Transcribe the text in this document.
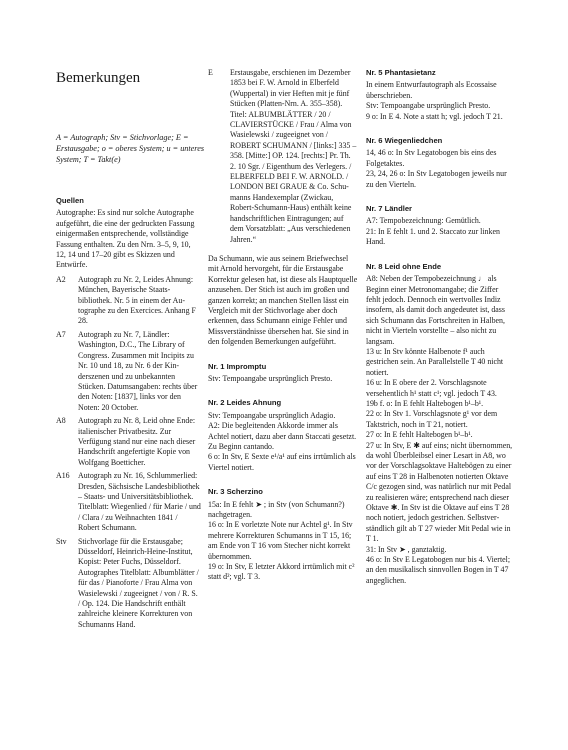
Bemerkungen
A = Autograph; Stv = Stichvorlage; E = Erstausgabe; o = oberes System; u = unteres System; T = Takt(e)
Quellen

Autographe: Es sind nur solche Autographe aufgeführt, die eine der gedruckten Fassung einigermaßen entsprechende, vollständige Fassung enthalten. Zu den Nrn. 3–5, 9, 10, 12, 14 und 17–20 gibt es Skizzen und Entwürfe.

A2	Autograph zu Nr. 2, Leides Ahnung: München, Bayerische Staatsbibliothek. Nr. 5 in einem der Autographe zu den Exercices. Anhang F 28.
A7	Autograph zu Nr. 7, Ländler: Washington, D.C., The Library of Congress. Zusammen mit Incipits zu Nr. 10 und 18, zu Nr. 6 der Kinderszenen und zu unbekannten Stücken. Datumsangaben: rechts über den Noten: [1837], links vor den Noten: 20 October.
A8	Autograph zu Nr. 8, Leid ohne Ende: italienischer Privatbesitz. Zur Verfügung stand nur eine nach dieser Handschrift angefertigte Kopie von Wolfgang Boetticher.
A16	Autograph zu Nr. 16, Schlummerlied: Dresden, Sächsische Landesbibliothek – Staats- und Universitätsbibliothek. Titelblatt: Wiegenlied / für Marie / und / Clara / zu Weihnachten 1841 / Robert Schumann.
Stv	Stichvorlage für die Erstausgabe; Düsseldorf, Heinrich-Heine-Institut, Kopist: Peter Fuchs, Düsseldorf. Autographes Titelblatt: Albumblätter / für das / Pianoforte / Frau Alma von Wasielewski / zugeeignet / von / R. S. / Op. 124. Die Handschrift enthält zahlreiche kleinere Korrekturen von Schumanns Hand.
E	Erstausgabe, erschienen im Dezember 1853 bei F. W. Arnold in Elberfeld (Wuppertal) in vier Heften mit je fünf Stücken (Platten-Nrn. A. 355–358). Titel: ALBUMBLÄTTER / 20 / CLAVIERSTÜCKE / Frau / Alma von Wasielewski / zugeeignet von / ROBERT SCHUMANN / [links:] 335 – 358. [Mitte:] OP. 124. [rechts:] Pr. Th. 2. 10 Sgr. / Eigenthum des Verlegers. / ELBERFELD BEI F. W. ARNOLD. / LONDON BEI GRAUE & Co. Schumanns Handexemplar (Zwickau, Robert-Schumann-Haus) enthält keine handschriftlichen Eintragungen; auf dem Vorsatzblatt: „Aus verschiedenen Jahren.“

Da Schumann, wie aus seinem Briefwechsel mit Arnold hervorgeht, für die Erstausgabe Korrektur gelesen hat, ist diese als Hauptquelle anzusehen. Der Stich ist auch im großen und ganzen korrekt; an manchen Stellen lässt ein Vergleich mit der Stichvorlage aber doch erkennen, dass Schumann einige Fehler und Missverständnisse übersehen hat. Sie sind in den folgenden Bemerkungen aufgeführt.

Nr. 1 Impromptu

Stv: Tempoangabe ursprünglich Presto.

Nr. 2 Leides Ahnung

Stv: Tempoangabe ursprünglich Adagio.

A2: Die begleitenden Akkorde immer als Achtel notiert, dazu aber dann Staccati gesetzt. Zu Beginn cantando.

6 o: In Stv, E Sexte e¹/a¹ auf eins irrtümlich als Viertel notiert.

Nr. 3 Scherzino

15a: In E fehlt ➤ ; in Stv (von Schumann?) nachgetragen.

16 o: In E vorletzte Note nur Achtel g¹. In Stv mehrere Korrekturen Schumanns in T 15, 16; am Ende von T 16 vom Stecher nicht korrekt übernommen.

19 o: In Stv, E letzter Akkord irrtümlich mit c² statt d²; vgl. T 3.

Nr. 5 Phantasietanz

In einem Entwurfautograph als Ecossaise überschrieben.

Stv: Tempoangabe ursprünglich Presto.

9 o: In E 4. Note a statt h; vgl. jedoch T 21.

Nr. 6 Wiegenliedchen

14, 46 o: In Stv Legatobogen bis eins des Folgetaktes.

23, 24, 26 o: In Stv Legatobogen jeweils nur zu den Vierteln.

Nr. 7 Ländler

A7: Tempobezeichnung: Gemütlich.

21: In E fehlt 1. und 2. Staccato zur linken Hand.

Nr. 8 Leid ohne Ende

A8: Neben der Tempobezeichnung ♩ als Beginn einer Metronomangabe; die Ziffer fehlt jedoch. Dennoch ein wertvolles Indiz insofern, als damit doch angedeutet ist, dass sich Schumann das Fortschreiten in Halben, nicht in Vierteln vorstellte – also nicht zu langsam.

13 u: In Stv könnte Halbenote f¹ auch gestrichen sein. An Parallelstelle T 40 nicht notiert.

16 u: In E obere der 2. Vorschlagsnote versehentlich h¹ statt c¹; vgl. jedoch T 43.

19b f. o: In E fehlt Haltebogen b¹–b¹.

22 o: In Stv 1. Vorschlagsnote g¹ vor dem Taktstrich, noch in T 21, notiert.

27 o: In E fehlt Haltebogen b¹–b¹.

27 u: In Stv, E ✱ auf eins; nicht übernommen, da wohl Überbleibsel einer Lesart in A8, wo vor der Vorschlagsoktave Haltebögen zu einer auf eins T 28 in Halbenoten notierten Oktave C/c gezogen sind, was natürlich nur mit Pedal zu realisieren wäre; entsprechend nach dieser Oktave ✱. In Stv ist die Oktave auf eins T 28 noch notiert, jedoch gestrichen. Selbstverständlich gilt ab T 27 wieder Mit Pedal wie in T 1.

31: In Stv ➤ , ganztaktig.

46 o: In Stv E Legatobogen nur bis 4. Viertel; an den musikalisch sinnvollen Bogen in T 47 angeglichen.
